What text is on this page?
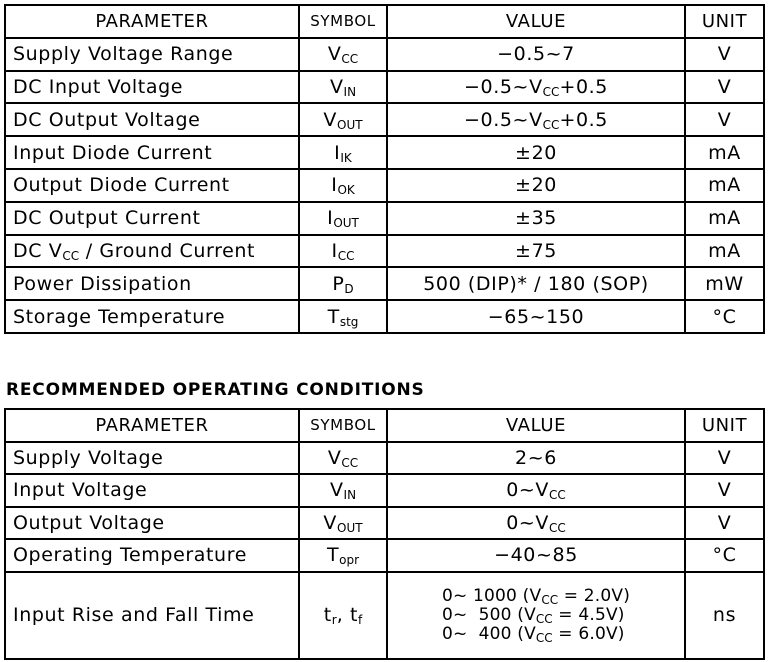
PARAMETER	SYMBOL	VALUE	UNIT
Supply Voltage Range	$V_{CC}$	−0.5~7	V
DC Input Voltage	$V_{IN}$	$-0.5\sim V_{CC}+0.5$	V
DC Output Voltage	$V_{OUT}$	$-0.5\sim V_{CC}+0.5$	V
Input Diode Current	$I_{IK}$	±20	mA
Output Diode Current	$I_{OK}$	±20	mA
DC Output Current	$I_{OUT}$	±35	mA
DC $V_{CC}$ / Ground Current	$I_{CC}$	±75	mA
Power Dissipation	$P_D$	500 (DIP)* / 180 (SOP)	mW
Storage Temperature	$T_{stg}$	−65~150	°C
RECOMMENDED OPERATING CONDITIONS
PARAMETER	SYMBOL	VALUE	UNIT
Supply Voltage	$V_{CC}$	2~6	V
Input Voltage	$V_{IN}$	$0\sim V_{CC}$	V
Output Voltage	$V_{OUT}$	$0\sim V_{CC}$	V
Operating Temperature	$T_{opr}$	−40~85	°C
Input Rise and Fall Time	$t_r$, $t_f$	0~ 1000 $(V_{CC} = 2.0V)$
0~  500 $(V_{CC} = 4.5V)$
0~  400 $(V_{CC} = 6.0V)$	ns
